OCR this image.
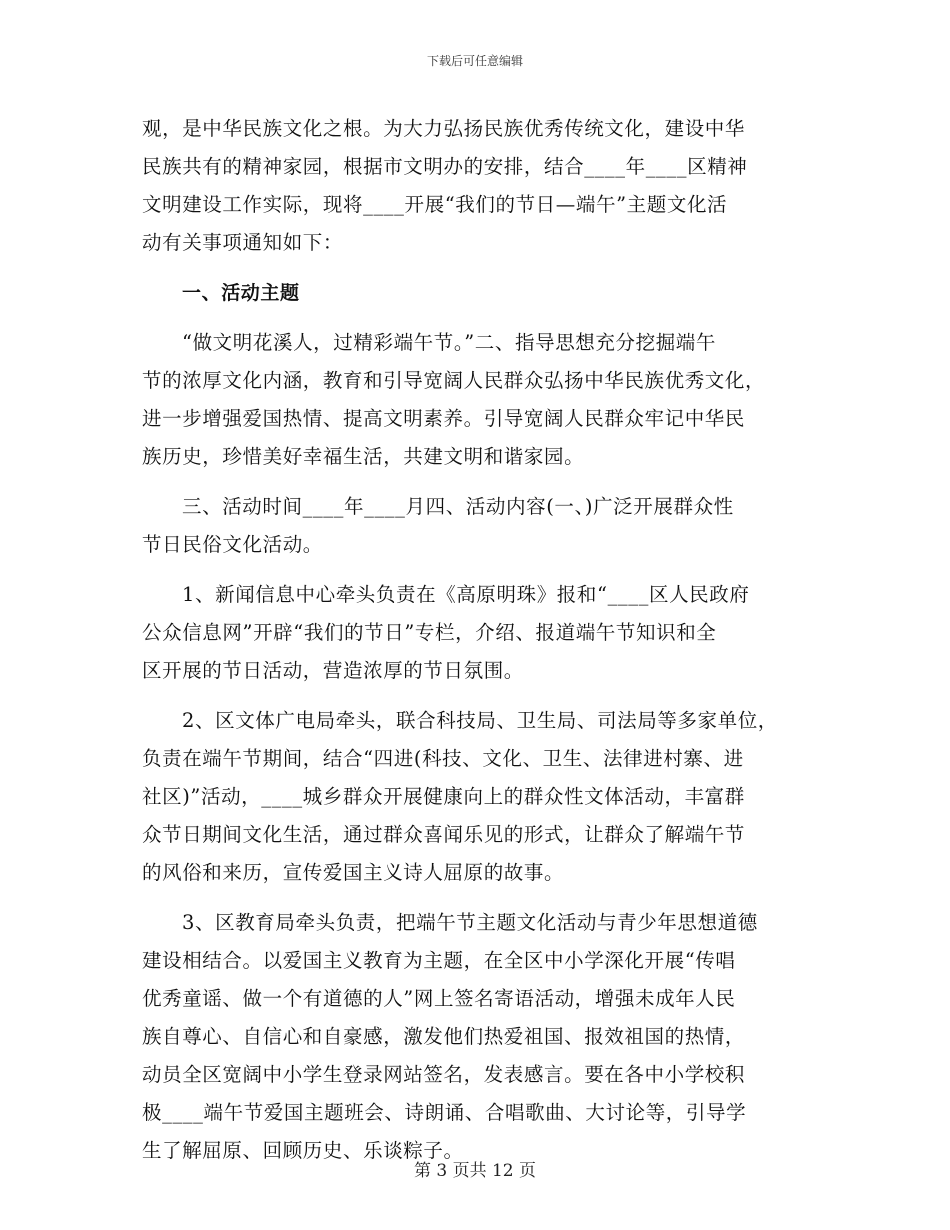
下载后可任意编辑
观，是中华民族文化之根。为大力弘扬民族优秀传统文化，建设中华
民族共有的精神家园，根据市文明办的安排，结合____年____区精神
文明建设工作实际，现将____开展“我们的节日—端午”主题文化活
动有关事项通知如下：
一、活动主题
“做文明花溪人，过精彩端午节。”二、指导思想充分挖掘端午
节的浓厚文化内涵，教育和引导宽阔人民群众弘扬中华民族优秀文化，
进一步增强爱国热情、提高文明素养。引导宽阔人民群众牢记中华民
族历史，珍惜美好幸福生活，共建文明和谐家园。
三、活动时间____年____月四、活动内容(一、)广泛开展群众性
节日民俗文化活动。
1、新闻信息中心牵头负责在《高原明珠》报和“____区人民政府
公众信息网”开辟“我们的节日”专栏，介绍、报道端午节知识和全
区开展的节日活动，营造浓厚的节日氛围。
2、区文体广电局牵头，联合科技局、卫生局、司法局等多家单位，
负责在端午节期间，结合“四进(科技、文化、卫生、法律进村寨、进
社区)”活动，____城乡群众开展健康向上的群众性文体活动，丰富群
众节日期间文化生活，通过群众喜闻乐见的形式，让群众了解端午节
的风俗和来历，宣传爱国主义诗人屈原的故事。
3、区教育局牵头负责，把端午节主题文化活动与青少年思想道德
建设相结合。以爱国主义教育为主题，在全区中小学深化开展“传唱
优秀童谣、做一个有道德的人”网上签名寄语活动，增强未成年人民
族自尊心、自信心和自豪感，激发他们热爱祖国、报效祖国的热情，
动员全区宽阔中小学生登录网站签名，发表感言。要在各中小学校积
极____端午节爱国主题班会、诗朗诵、合唱歌曲、大讨论等，引导学
生了解屈原、回顾历史、乐谈粽子。
第 3 页共 12 页
